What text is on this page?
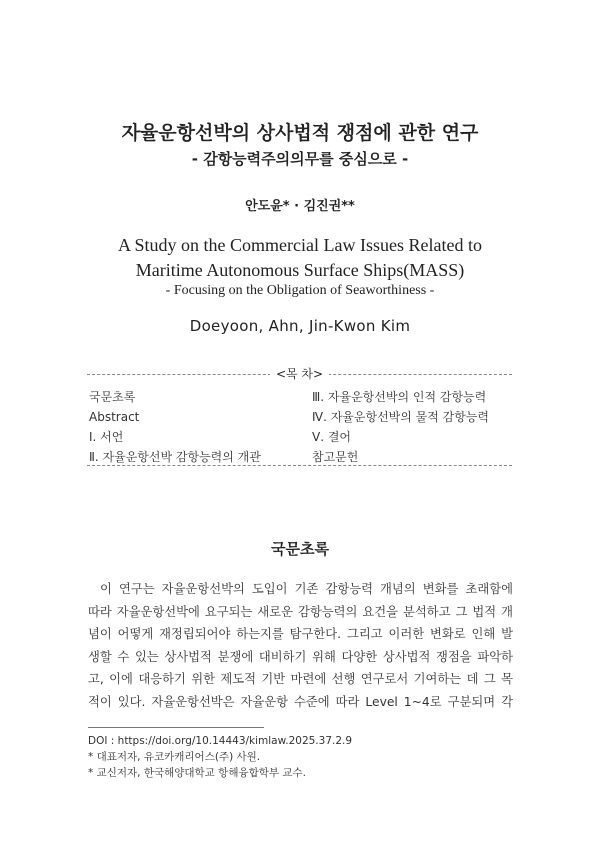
자율운항선박의 상사법적 쟁점에 관한 연구
- 감항능력주의의무를 중심으로 -
안도윤* · 김진권**
A Study on the Commercial Law Issues Related to
Maritime Autonomous Surface Ships(MASS)
- Focusing on the Obligation of Seaworthiness -
Doeyoon, Ahn, Jin-Kwon Kim
<목 차>
국문초록
Abstract
Ⅰ. 서언
Ⅱ. 자율운항선박 감항능력의 개관
Ⅲ. 자율운항선박의 인적 감항능력
Ⅳ. 자율운항선박의 물적 감항능력
Ⅴ. 결어
참고문헌
국문초록
이 연구는 자율운항선박의 도입이 기존 감항능력 개념의 변화를 초래함에
따라 자율운항선박에 요구되는 새로운 감항능력의 요건을 분석하고 그 법적 개
념이 어떻게 재정립되어야 하는지를 탐구한다. 그리고 이러한 변화로 인해 발
생할 수 있는 상사법적 분쟁에 대비하기 위해 다양한 상사법적 쟁점을 파악하
고, 이에 대응하기 위한 제도적 기반 마련에 선행 연구로서 기여하는 데 그 목
적이 있다. 자율운항선박은 자율운항 수준에 따라 Level 1~4로 구분되며 각
DOI : https://doi.org/10.14443/kimlaw.2025.37.2.9
* 대표저자, 유코카캐리어스(주) 사원.
* 교신저자, 한국해양대학교 항해융합학부 교수.
